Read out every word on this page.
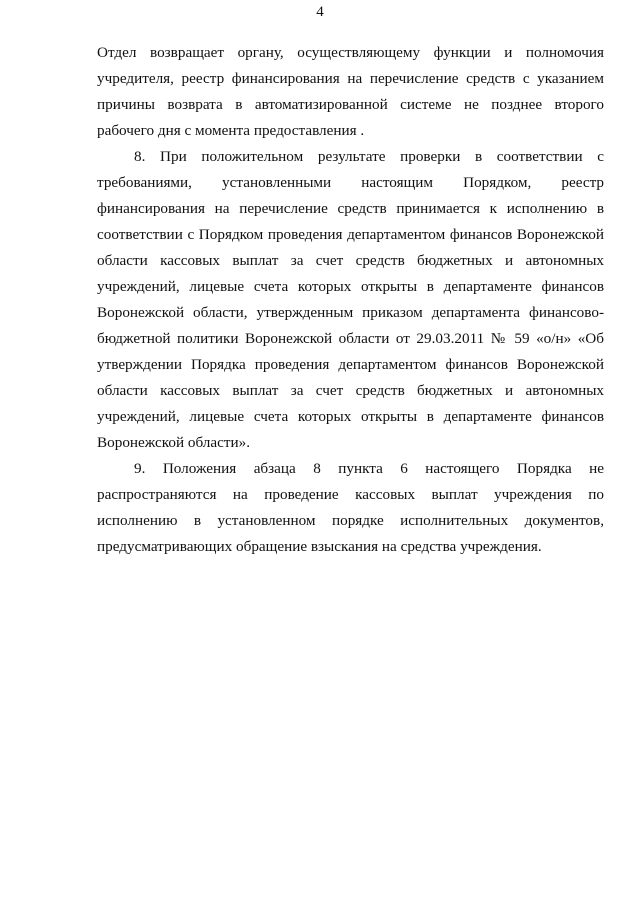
4

Отдел возвращает органу, осуществляющему функции и полномочия учредителя, реестр финансирования на перечисление средств с указанием причины возврата в автоматизированной системе не позднее второго рабочего дня с момента предоставления .

8. При положительном результате проверки в соответствии с требованиями, установленными настоящим Порядком, реестр финансирования на перечисление средств принимается к исполнению в соответствии с Порядком проведения департаментом финансов Воронежской области кассовых выплат за счет средств бюджетных и автономных учреждений, лицевые счета которых открыты в департаменте финансов Воронежской области, утвержденным приказом департамента финансово-бюджетной политики Воронежской области от 29.03.2011 № 59 «о/н» «Об утверждении Порядка проведения департаментом финансов Воронежской области кассовых выплат за счет средств бюджетных и автономных учреждений, лицевые счета которых открыты в департаменте финансов Воронежской области».

9. Положения абзаца 8 пункта 6 настоящего Порядка не распространяются на проведение кассовых выплат учреждения по исполнению в установленном порядке исполнительных документов, предусматривающих обращение взыскания на средства учреждения.
